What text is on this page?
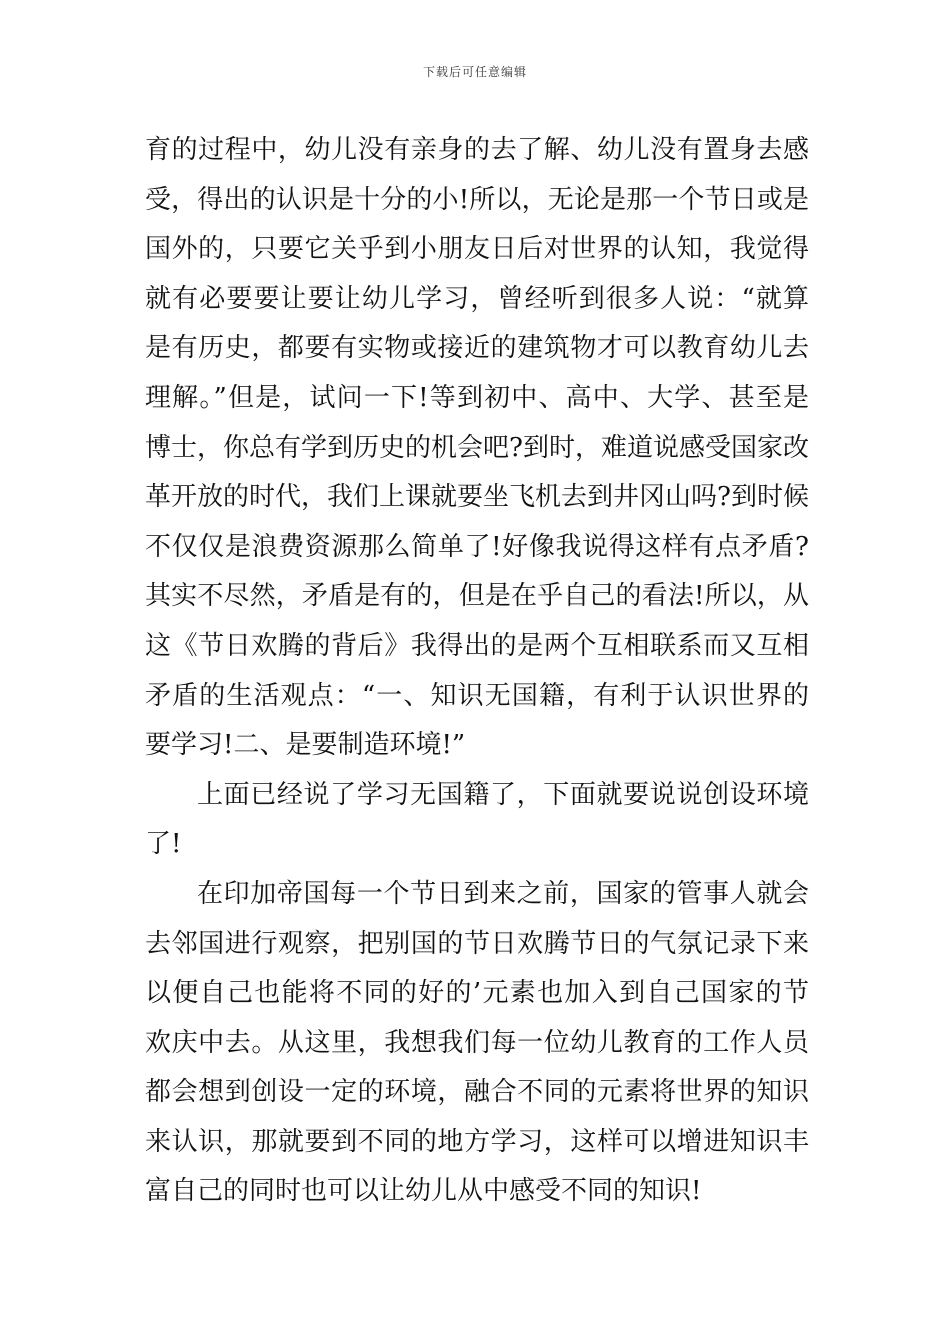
下载后可任意编辑
育的过程中，幼儿没有亲身的去了解、幼儿没有置身去感
受，得出的认识是十分的小!所以，无论是那一个节日或是
国外的，只要它关乎到小朋友日后对世界的认知，我觉得
就有必要要让要让幼儿学习，曾经听到很多人说：“就算
是有历史，都要有实物或接近的建筑物才可以教育幼儿去
理解。”但是，试问一下!等到初中、高中、大学、甚至是
博士，你总有学到历史的机会吧?到时，难道说感受国家改
革开放的时代，我们上课就要坐飞机去到井冈山吗?到时候
不仅仅是浪费资源那么简单了!好像我说得这样有点矛盾?
其实不尽然，矛盾是有的，但是在乎自己的看法!所以，从
这《节日欢腾的背后》我得出的是两个互相联系而又互相
矛盾的生活观点：“一、知识无国籍，有利于认识世界的
要学习!二、是要制造环境!”
上面已经说了学习无国籍了，下面就要说说创设环境
了!
在印加帝国每一个节日到来之前，国家的管事人就会
去邻国进行观察，把别国的节日欢腾节日的气氛记录下来
以便自己也能将不同的好的’元素也加入到自己国家的节
欢庆中去。从这里，我想我们每一位幼儿教育的工作人员
都会想到创设一定的环境，融合不同的元素将世界的知识
来认识，那就要到不同的地方学习，这样可以增进知识丰
富自己的同时也可以让幼儿从中感受不同的知识!
